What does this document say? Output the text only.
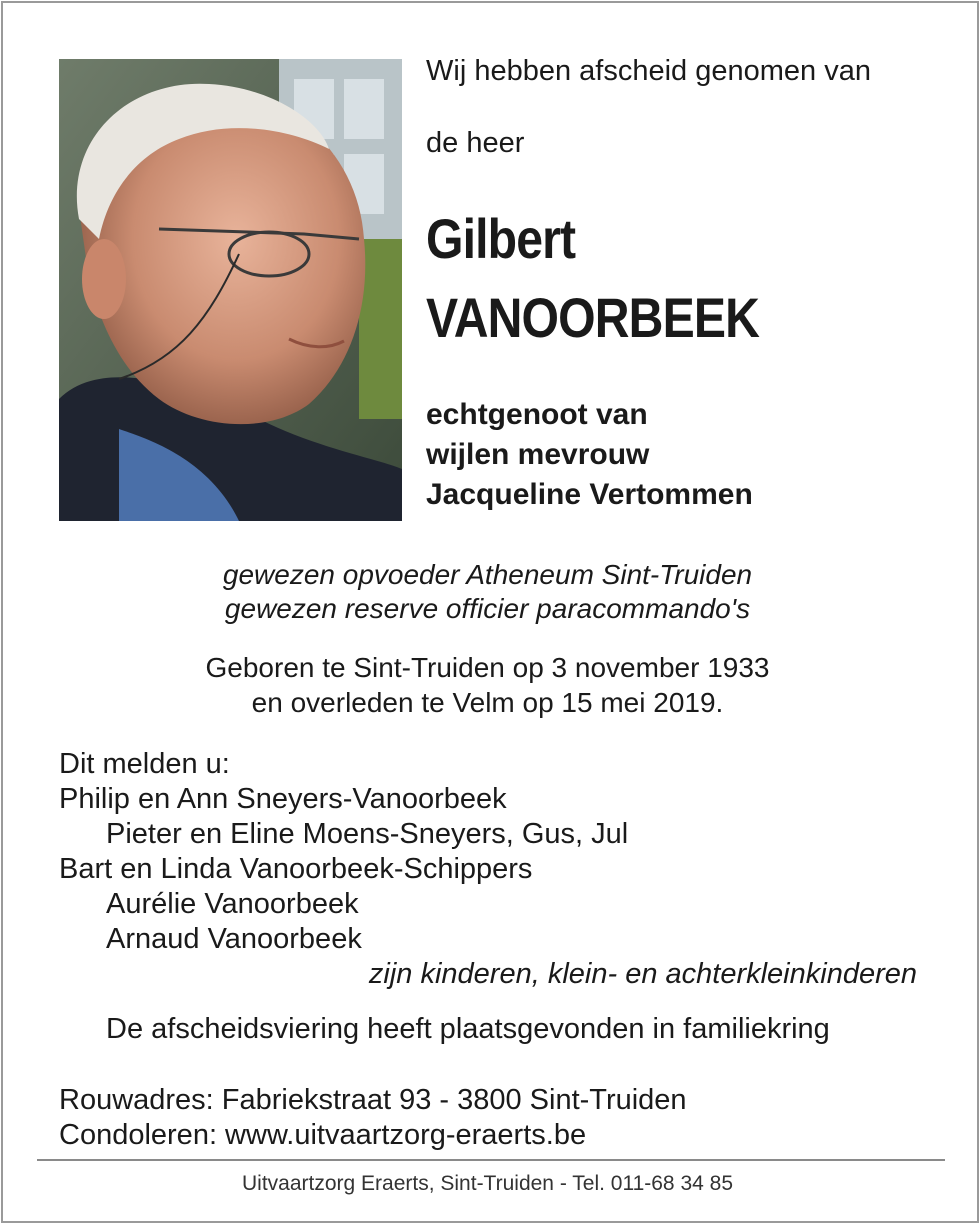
Wij hebben afscheid genomen van
de heer
Gilbert
VANOORBEEK
echtgenoot van
wijlen mevrouw
Jacqueline Vertommen
gewezen opvoeder Atheneum Sint-Truiden
gewezen reserve officier paracommando's
Geboren te Sint-Truiden op 3 november 1933
en overleden te Velm op 15 mei 2019.
Dit melden u:
Philip en Ann Sneyers-Vanoorbeek
Pieter en Eline Moens-Sneyers, Gus, Jul
Bart en Linda Vanoorbeek-Schippers
Aurélie Vanoorbeek
Arnaud Vanoorbeek
zijn kinderen, klein- en achterkleinkinderen
De afscheidsviering heeft plaatsgevonden in familiekring
Rouwadres: Fabriekstraat 93 - 3800 Sint-Truiden
Condoleren: www.uitvaartzorg-eraerts.be
Uitvaartzorg Eraerts, Sint-Truiden - Tel. 011-68 34 85
